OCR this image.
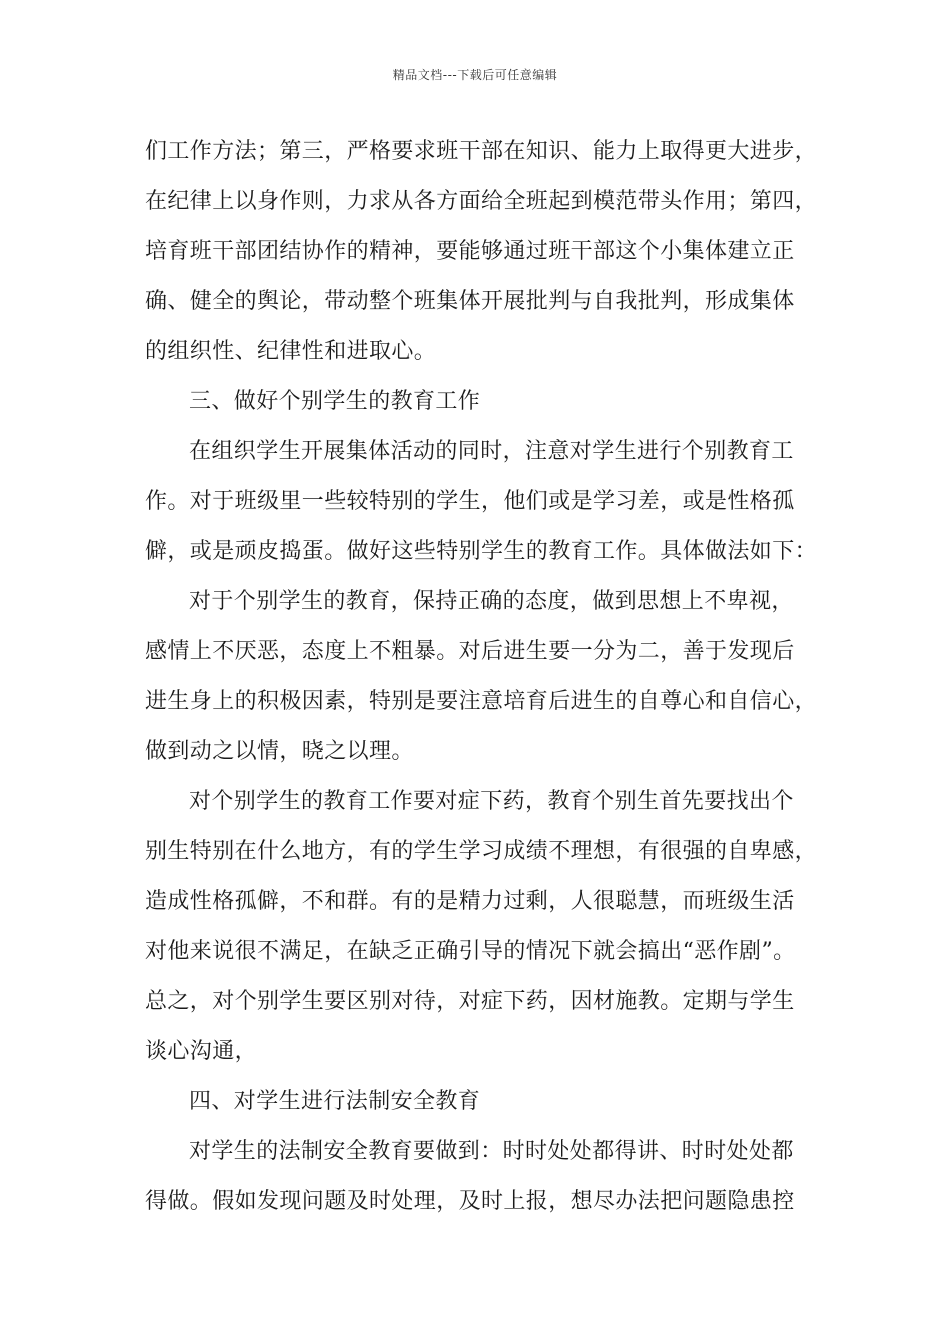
精品文档---下载后可任意编辑
们工作方法；第三，严格要求班干部在知识、能力上取得更大进步，
在纪律上以身作则，力求从各方面给全班起到模范带头作用；第四，
培育班干部团结协作的精神，要能够通过班干部这个小集体建立正
确、健全的舆论，带动整个班集体开展批判与自我批判，形成集体
的组织性、纪律性和进取心。
三、做好个别学生的教育工作
在组织学生开展集体活动的同时，注意对学生进行个别教育工
作。对于班级里一些较特别的学生，他们或是学习差，或是性格孤
僻，或是顽皮捣蛋。做好这些特别学生的教育工作。具体做法如下：
对于个别学生的教育，保持正确的态度，做到思想上不卑视，
感情上不厌恶，态度上不粗暴。对后进生要一分为二，善于发现后
进生身上的积极因素，特别是要注意培育后进生的自尊心和自信心，
做到动之以情，晓之以理。
对个别学生的教育工作要对症下药，教育个别生首先要找出个
别生特别在什么地方，有的学生学习成绩不理想，有很强的自卑感，
造成性格孤僻，不和群。有的是精力过剩，人很聪慧，而班级生活
对他来说很不满足，在缺乏正确引导的情况下就会搞出“恶作剧”。
总之，对个别学生要区别对待，对症下药，因材施教。定期与学生
谈心沟通，
四、对学生进行法制安全教育
对学生的法制安全教育要做到：时时处处都得讲、时时处处都
得做。假如发现问题及时处理，及时上报，想尽办法把问题隐患控
